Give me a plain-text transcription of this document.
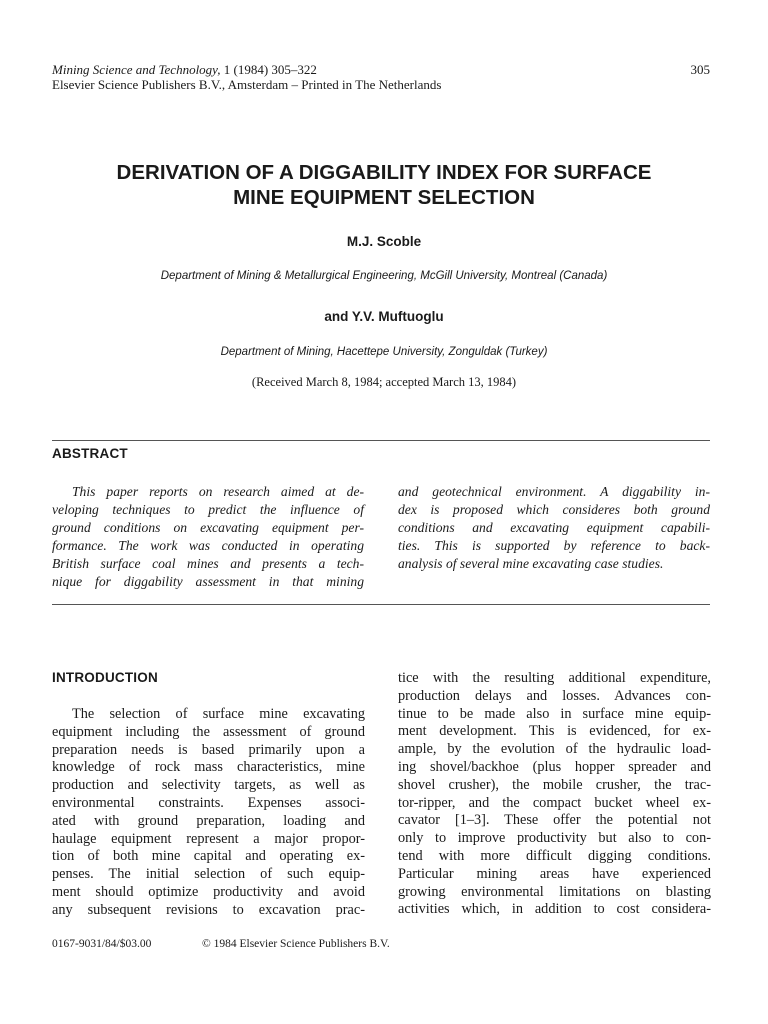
Mining Science and Technology, 1 (1984) 305–322
Elsevier Science Publishers B.V., Amsterdam – Printed in The Netherlands
305
DERIVATION OF A DIGGABILITY INDEX FOR SURFACE
MINE EQUIPMENT SELECTION
M.J. Scoble
Department of Mining & Metallurgical Engineering, McGill University, Montreal (Canada)
and Y.V. Muftuoglu
Department of Mining, Hacettepe University, Zonguldak (Turkey)
(Received March 8, 1984; accepted March 13, 1984)
ABSTRACT
This paper reports on research aimed at de-
veloping techniques to predict the influence of
ground conditions on excavating equipment per-
formance. The work was conducted in operating
British surface coal mines and presents a tech-
nique for diggability assessment in that mining
and geotechnical environment. A diggability in-
dex is proposed which consideres both ground
conditions and excavating equipment capabili-
ties. This is supported by reference to back-
analysis of several mine excavating case studies.
INTRODUCTION
The selection of surface mine excavating
equipment including the assessment of ground
preparation needs is based primarily upon a
knowledge of rock mass characteristics, mine
production and selectivity targets, as well as
environmental constraints. Expenses associ-
ated with ground preparation, loading and
haulage equipment represent a major propor-
tion of both mine capital and operating ex-
penses. The initial selection of such equip-
ment should optimize productivity and avoid
any subsequent revisions to excavation prac-
tice with the resulting additional expenditure,
production delays and losses. Advances con-
tinue to be made also in surface mine equip-
ment development. This is evidenced, for ex-
ample, by the evolution of the hydraulic load-
ing shovel/backhoe (plus hopper spreader and
shovel crusher), the mobile crusher, the trac-
tor-ripper, and the compact bucket wheel ex-
cavator [1–3]. These offer the potential not
only to improve productivity but also to con-
tend with more difficult digging conditions.
Particular mining areas have experienced
growing environmental limitations on blasting
activities which, in addition to cost considera-
0167-9031/84/$03.00	© 1984 Elsevier Science Publishers B.V.
